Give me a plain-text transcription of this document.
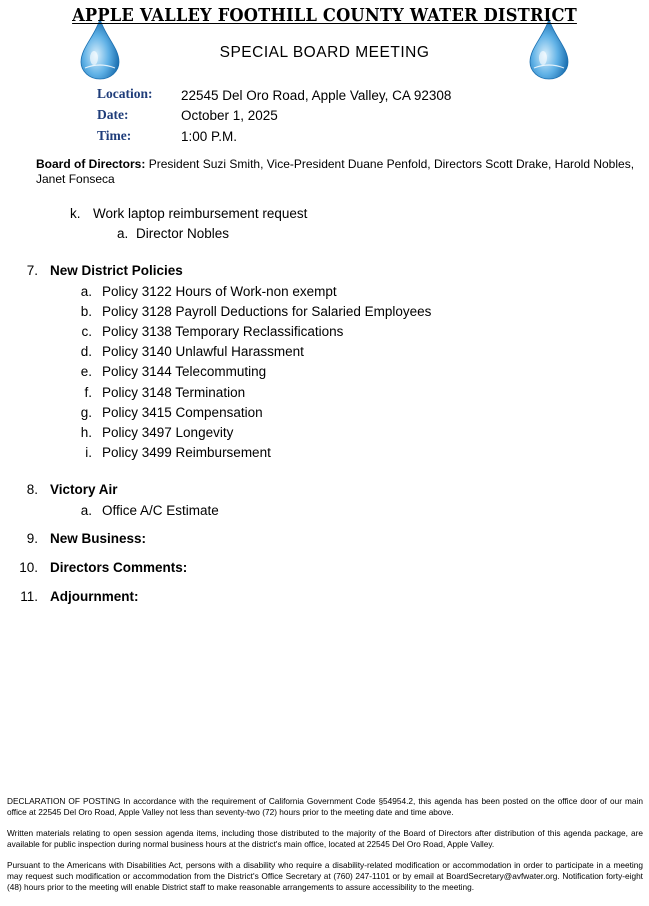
APPLE VALLEY FOOTHILL COUNTY WATER DISTRICT
SPECIAL BOARD MEETING
Location: 22545 Del Oro Road, Apple Valley, CA 92308
Date:	October 1, 2025
Time:	1:00 P.M.
Board of Directors: President Suzi Smith, Vice-President Duane Penfold, Directors Scott Drake, Harold Nobles, Janet Fonseca
k. Work laptop reimbursement request
a. Director Nobles
7. New District Policies
a. Policy 3122 Hours of Work-non exempt
b. Policy 3128 Payroll Deductions for Salaried Employees
c. Policy 3138 Temporary Reclassifications
d. Policy 3140 Unlawful Harassment
e. Policy 3144 Telecommuting
f. Policy 3148 Termination
g. Policy 3415 Compensation
h. Policy 3497 Longevity
i. Policy 3499 Reimbursement
8. Victory Air
a. Office A/C Estimate
9. New Business:
10. Directors Comments:
11. Adjournment:
DECLARATION OF POSTING In accordance with the requirement of California Government Code §54954.2, this agenda has been posted on the office door of our main office at 22545 Del Oro Road, Apple Valley not less than seventy-two (72) hours prior to the meeting date and time above.
Written materials relating to open session agenda items, including those distributed to the majority of the Board of Directors after distribution of this agenda package, are available for public inspection during normal business hours at the district's main office, located at 22545 Del Oro Road, Apple Valley.
Pursuant to the Americans with Disabilities Act, persons with a disability who require a disability-related modification or accommodation in order to participate in a meeting may request such modification or accommodation from the District's Office Secretary at (760) 247-1101 or by email at BoardSecretary@avfwater.org. Notification forty-eight (48) hours prior to the meeting will enable District staff to make reasonable arrangements to assure accessibility to the meeting.
